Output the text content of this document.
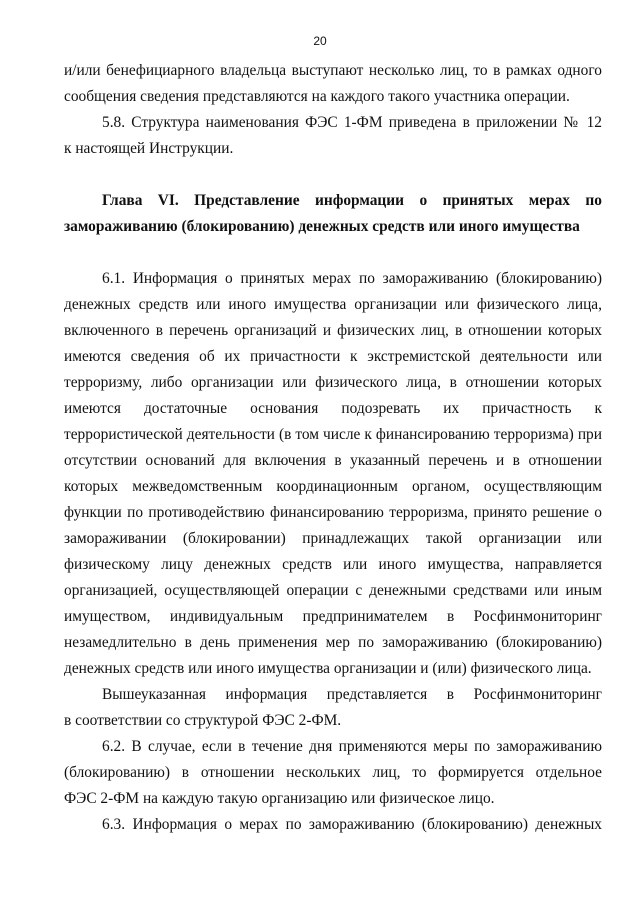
20
и/или бенефициарного владельца выступают несколько лиц, то в рамках одного
сообщения сведения представляются на каждого такого участника операции.
5.8. Структура наименования ФЭС 1-ФМ приведена в приложении № 12
к настоящей Инструкции.
Глава VI. Представление информации о принятых мерах по
замораживанию (блокированию) денежных средств или иного имущества
6.1. Информация о принятых мерах по замораживанию (блокированию)
денежных средств или иного имущества организации или физического лица,
включенного в перечень организаций и физических лиц, в отношении которых
имеются сведения об их причастности к экстремистской деятельности или
терроризму, либо организации или физического лица, в отношении которых
имеются достаточные основания подозревать их причастность к
террористической деятельности (в том числе к финансированию терроризма) при
отсутствии оснований для включения в указанный перечень и в отношении
которых межведомственным координационным органом, осуществляющим
функции по противодействию финансированию терроризма, принято решение о
замораживании (блокировании) принадлежащих такой организации или
физическому лицу денежных средств или иного имущества, направляется
организацией, осуществляющей операции с денежными средствами или иным
имуществом, индивидуальным предпринимателем в Росфинмониторинг
незамедлительно в день применения мер по замораживанию (блокированию)
денежных средств или иного имущества организации и (или) физического лица.
Вышеуказанная информация представляется в Росфинмониторинг
в соответствии со структурой ФЭС 2-ФМ.
6.2. В случае, если в течение дня применяются меры по замораживанию
(блокированию) в отношении нескольких лиц, то формируется отдельное
ФЭС 2-ФМ на каждую такую организацию или физическое лицо.
6.3. Информация о мерах по замораживанию (блокированию) денежных
